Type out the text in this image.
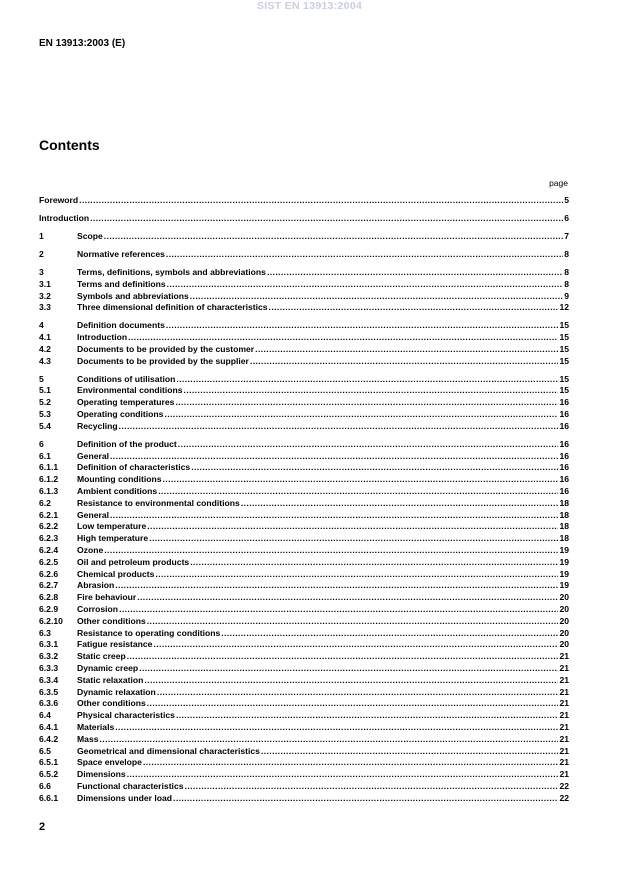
SIST EN 13913:2004
EN 13913:2003 (E)
Contents
page
Foreword .....	5
Introduction .....	6
1	Scope .....	7
2	Normative references .....	8
3	Terms, definitions, symbols and abbreviations .....	8
3.1	Terms and definitions .....	8
3.2	Symbols and abbreviations .....	9
3.3	Three dimensional definition of characteristics .....	12
4	Definition documents .....	15
4.1	Introduction .....	15
4.2	Documents to be provided by the customer .....	15
4.3	Documents to be provided by the supplier .....	15
5	Conditions of utilisation .....	15
5.1	Environmental conditions .....	15
5.2	Operating temperatures .....	16
5.3	Operating conditions .....	16
5.4	Recycling .....	16
6	Definition of the product .....	16
6.1	General .....	16
6.1.1	Definition of characteristics .....	16
6.1.2	Mounting conditions .....	16
6.1.3	Ambient conditions .....	16
6.2	Resistance to environmental conditions .....	18
6.2.1	General .....	18
6.2.2	Low temperature .....	18
6.2.3	High temperature .....	18
6.2.4	Ozone .....	19
6.2.5	Oil and petroleum products .....	19
6.2.6	Chemical products .....	19
6.2.7	Abrasion .....	19
6.2.8	Fire behaviour .....	20
6.2.9	Corrosion .....	20
6.2.10	Other conditions .....	20
6.3	Resistance to operating conditions .....	20
6.3.1	Fatigue resistance .....	20
6.3.2	Static creep .....	21
6.3.3	Dynamic creep .....	21
6.3.4	Static relaxation .....	21
6.3.5	Dynamic relaxation .....	21
6.3.6	Other conditions .....	21
6.4	Physical characteristics .....	21
6.4.1	Materials .....	21
6.4.2	Mass .....	21
6.5	Geometrical and dimensional characteristics .....	21
6.5.1	Space envelope .....	21
6.5.2	Dimensions .....	21
6.6	Functional characteristics .....	22
6.6.1	Dimensions under load .....	22
2
